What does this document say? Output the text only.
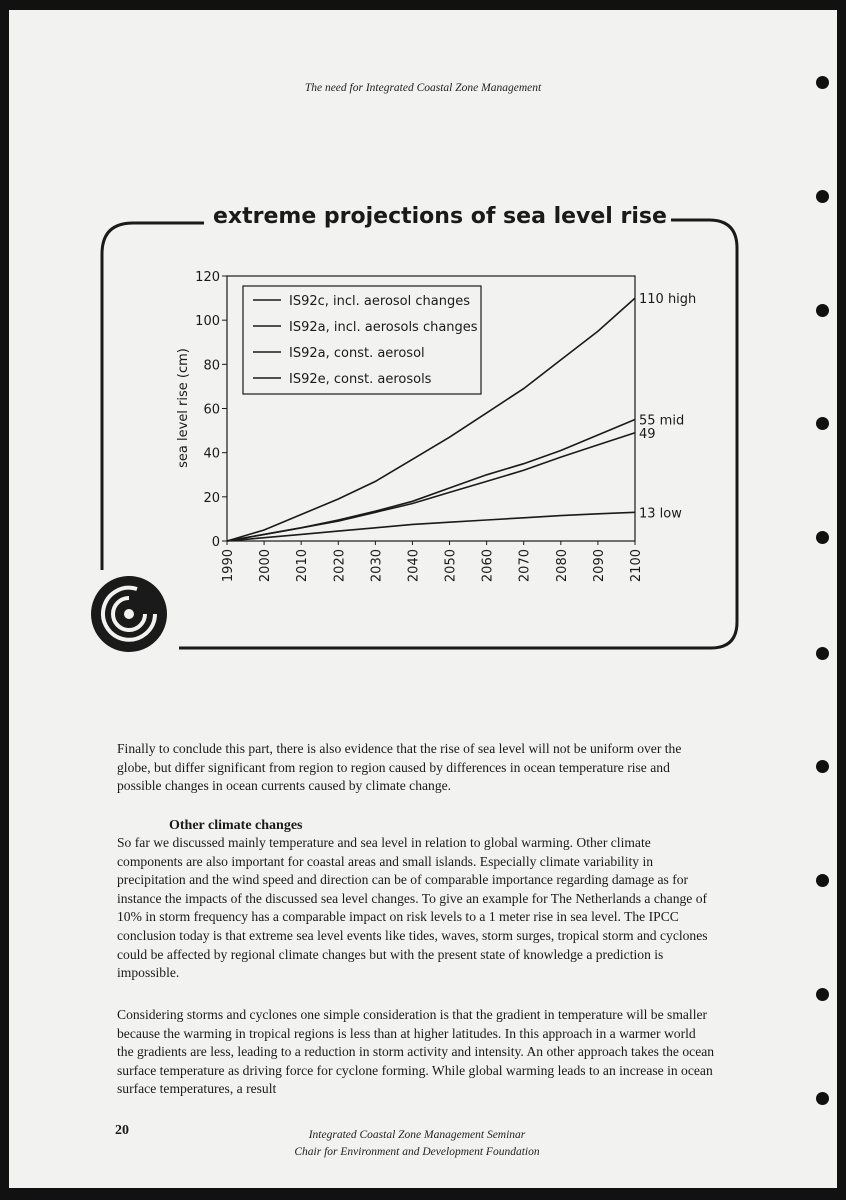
The need for Integrated Coastal Zone Management
extreme projections of sea level rise
sea level rise (cm)
0
20
40
60
80
100
120
1990 2000 2010 2020 2030 2040 2050 2060 2070 2080 2090 2100
110 high
55 mid
49
13 low
IS92c, incl. aerosol changes
IS92a, incl. aerosols changes
IS92a, const. aerosol
IS92e, const. aerosols

Finally to conclude this part, there is also evidence that the rise of sea level will not be uniform over the globe, but differ significant from region to region caused by differences in ocean temperature rise and possible changes in ocean currents caused by climate change.

Other climate changes

So far we discussed mainly temperature and sea level in relation to global warming. Other climate components are also important for coastal areas and small islands. Especially climate variability in precipitation and the wind speed and direction can be of comparable importance regarding damage as for instance the impacts of the discussed sea level changes. To give an example for The Netherlands a change of 10% in storm frequency has a comparable impact on risk levels to a 1 meter rise in sea level. The IPCC conclusion today is that extreme sea level events like tides, waves, storm surges, tropical storm and cyclones could be affected by regional climate changes but with the present state of knowledge a prediction is impossible.

Considering storms and cyclones one simple consideration is that the gradient in temperature will be smaller because the warming in tropical regions is less than at higher latitudes. In this approach in a warmer world the gradients are less, leading to a reduction in storm activity and intensity. An other approach takes the ocean surface temperature as driving force for cyclone forming. While global warming leads to an increase in ocean surface temperatures, a result

20	Integrated Coastal Zone Management Seminar
Chair for Environment and Development Foundation
